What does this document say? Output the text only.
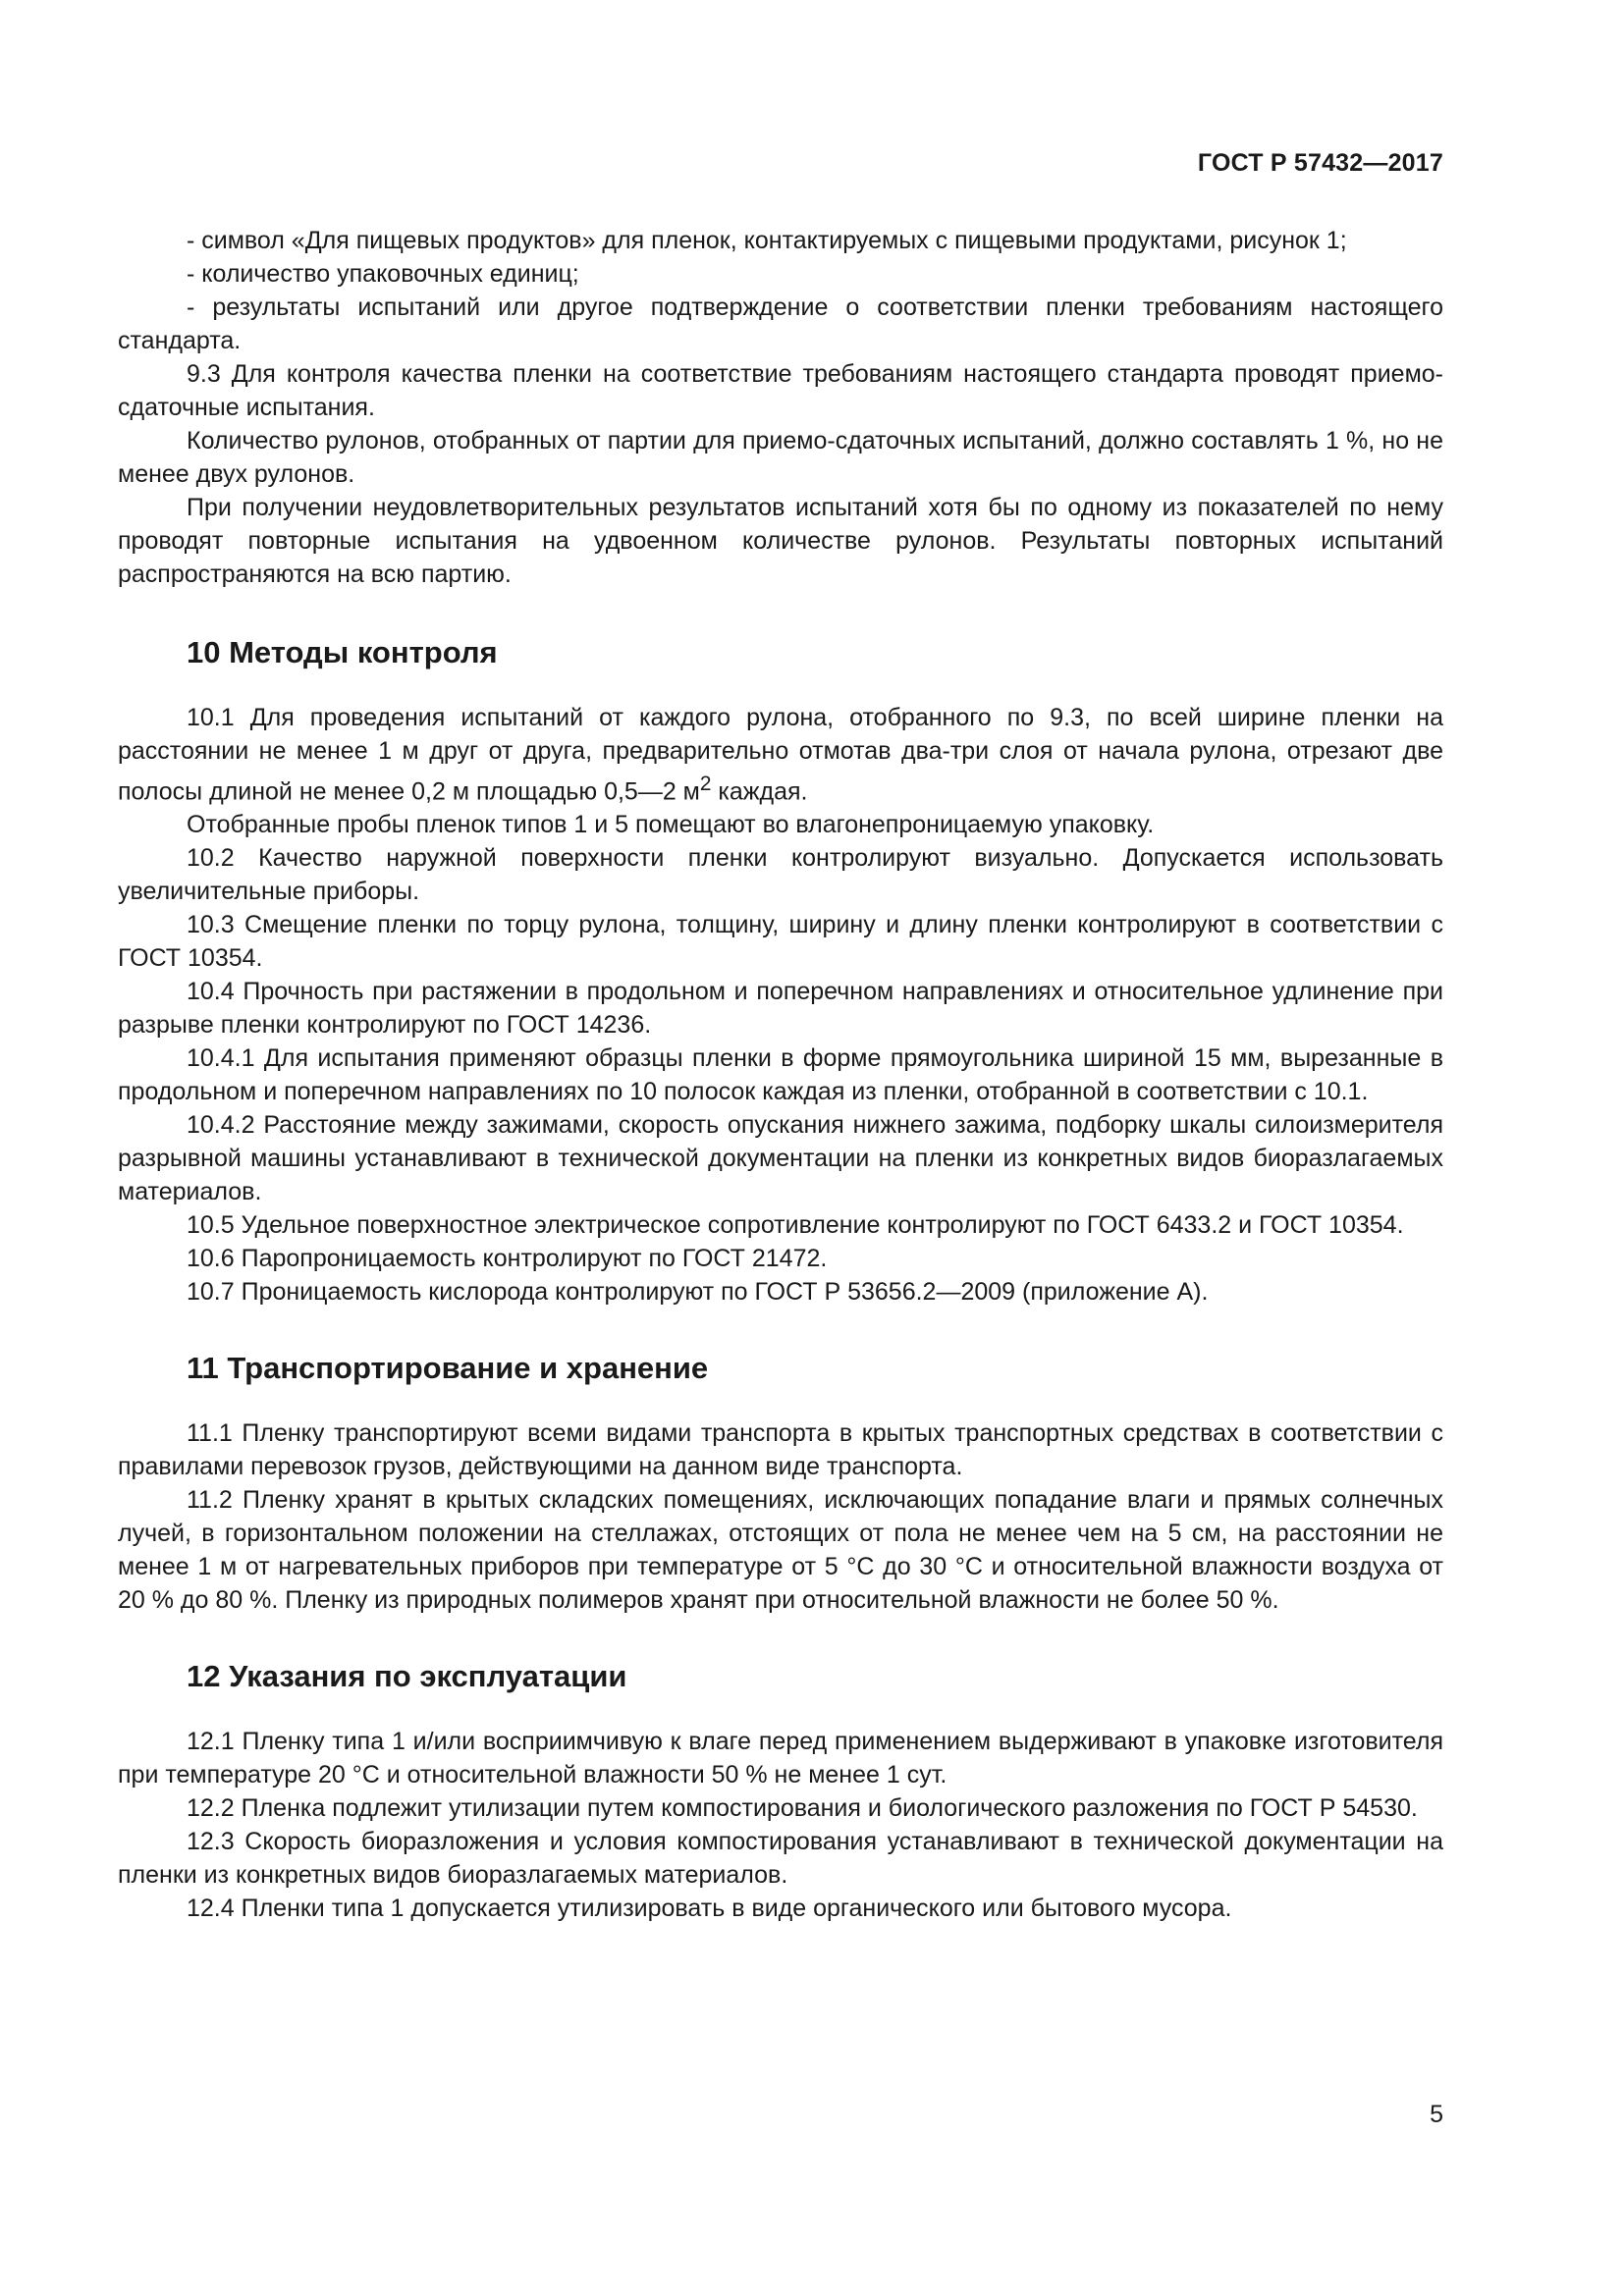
ГОСТ Р 57432—2017

- символ «Для пищевых продуктов» для пленок, контактируемых с пищевыми продуктами, рисунок 1;

- количество упаковочных единиц;

- результаты испытаний или другое подтверждение о соответствии пленки требованиям настоящего стандарта.

9.3 Для контроля качества пленки на соответствие требованиям настоящего стандарта проводят приемо-сдаточные испытания.

Количество рулонов, отобранных от партии для приемо-сдаточных испытаний, должно составлять 1 %, но не менее двух рулонов.

При получении неудовлетворительных результатов испытаний хотя бы по одному из показателей по нему проводят повторные испытания на удвоенном количестве рулонов. Результаты повторных испытаний распространяются на всю партию.

10 Методы контроля

10.1 Для проведения испытаний от каждого рулона, отобранного по 9.3, по всей ширине пленки на расстоянии не менее 1 м друг от друга, предварительно отмотав два-три слоя от начала рулона, отрезают две полосы длиной не менее 0,2 м площадью 0,5—2 $м^2$ каждая.

Отобранные пробы пленок типов 1 и 5 помещают во влагонепроницаемую упаковку.

10.2 Качество наружной поверхности пленки контролируют визуально. Допускается использовать увеличительные приборы.

10.3 Смещение пленки по торцу рулона, толщину, ширину и длину пленки контролируют в соответствии с ГОСТ 10354.

10.4 Прочность при растяжении в продольном и поперечном направлениях и относительное удлинение при разрыве пленки контролируют по ГОСТ 14236.

10.4.1 Для испытания применяют образцы пленки в форме прямоугольника шириной 15 мм, вырезанные в продольном и поперечном направлениях по 10 полосок каждая из пленки, отобранной в соответствии с 10.1.

10.4.2 Расстояние между зажимами, скорость опускания нижнего зажима, подборку шкалы силоизмерителя разрывной машины устанавливают в технической документации на пленки из конкретных видов биоразлагаемых материалов.

10.5 Удельное поверхностное электрическое сопротивление контролируют по ГОСТ 6433.2 и ГОСТ 10354.

10.6 Паропроницаемость контролируют по ГОСТ 21472.

10.7 Проницаемость кислорода контролируют по ГОСТ Р 53656.2—2009 (приложение А).

11 Транспортирование и хранение

11.1 Пленку транспортируют всеми видами транспорта в крытых транспортных средствах в соответствии с правилами перевозок грузов, действующими на данном виде транспорта.

11.2 Пленку хранят в крытых складских помещениях, исключающих попадание влаги и прямых солнечных лучей, в горизонтальном положении на стеллажах, отстоящих от пола не менее чем на 5 см, на расстоянии не менее 1 м от нагревательных приборов при температуре от 5 °С до 30 °С и относительной влажности воздуха от 20 % до 80 %. Пленку из природных полимеров хранят при относительной влажности не более 50 %.

12 Указания по эксплуатации

12.1 Пленку типа 1 и/или восприимчивую к влаге перед применением выдерживают в упаковке изготовителя при температуре 20 °С и относительной влажности 50 % не менее 1 сут.

12.2 Пленка подлежит утилизации путем компостирования и биологического разложения по ГОСТ Р 54530.

12.3 Скорость биоразложения и условия компостирования устанавливают в технической документации на пленки из конкретных видов биоразлагаемых материалов.

12.4 Пленки типа 1 допускается утилизировать в виде органического или бытового мусора.

5
